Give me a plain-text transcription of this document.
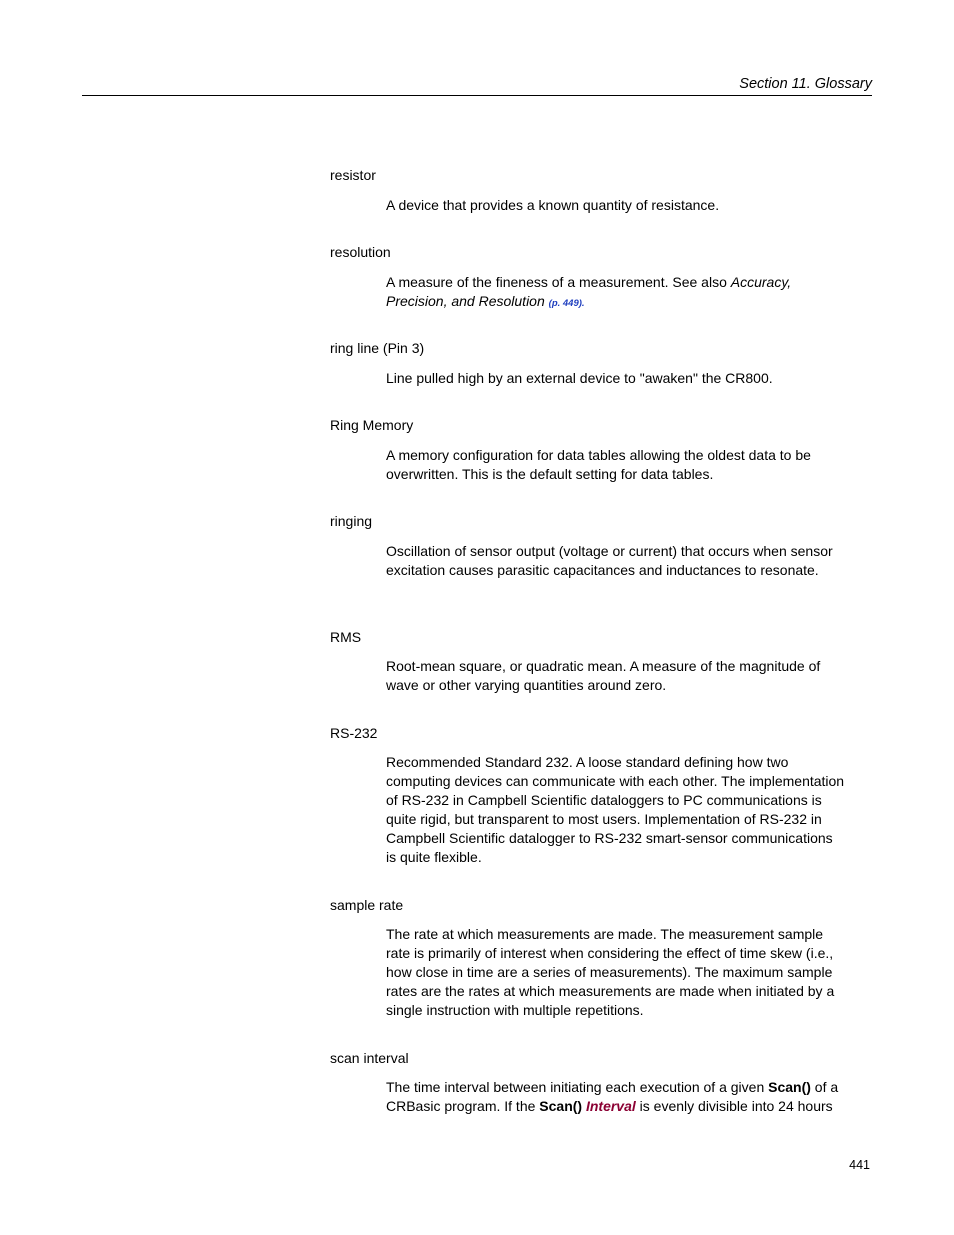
Section 11. Glossary
resistor
A device that provides a known quantity of resistance.
resolution
A measure of the fineness of a measurement. See also Accuracy, Precision, and Resolution (p. 449).
ring line (Pin 3)
Line pulled high by an external device to "awaken" the CR800.
Ring Memory
A memory configuration for data tables allowing the oldest data to be overwritten. This is the default setting for data tables.
ringing
Oscillation of sensor output (voltage or current) that occurs when sensor excitation causes parasitic capacitances and inductances to resonate.
RMS
Root-mean square, or quadratic mean. A measure of the magnitude of wave or other varying quantities around zero.
RS-232
Recommended Standard 232. A loose standard defining how two computing devices can communicate with each other. The implementation of RS-232 in Campbell Scientific dataloggers to PC communications is quite rigid, but transparent to most users. Implementation of RS-232 in Campbell Scientific datalogger to RS-232 smart-sensor communications is quite flexible.
sample rate
The rate at which measurements are made. The measurement sample rate is primarily of interest when considering the effect of time skew (i.e., how close in time are a series of measurements). The maximum sample rates are the rates at which measurements are made when initiated by a single instruction with multiple repetitions.
scan interval
The time interval between initiating each execution of a given Scan() of a CRBasic program. If the Scan() Interval is evenly divisible into 24 hours
441
